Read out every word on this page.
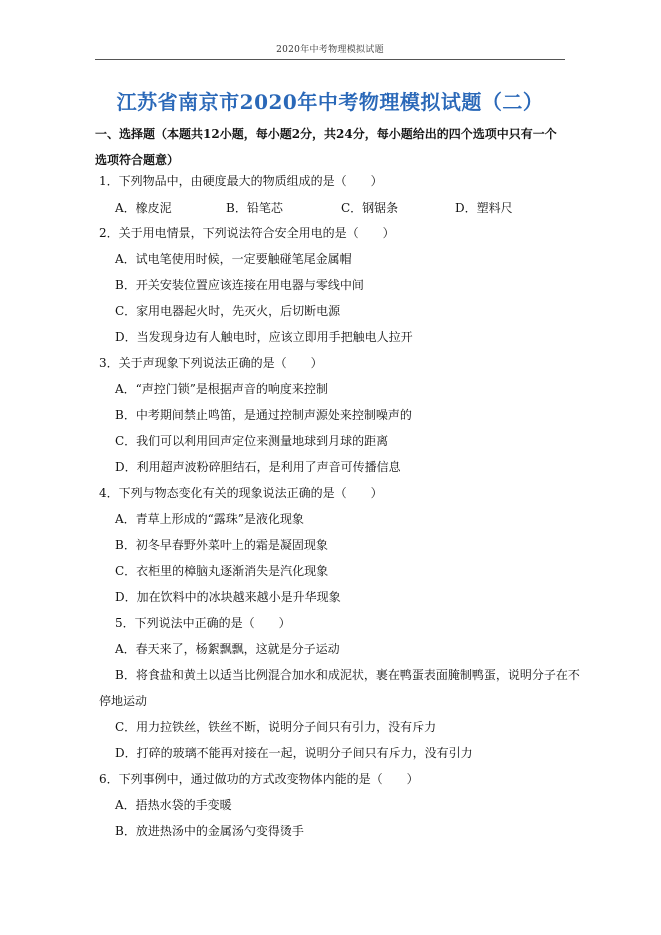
2020年中考物理模拟试题
江苏省南京市2020年中考物理模拟试题（二）
一、选择题（本题共12小题，每小题2分，共24分，每小题给出的四个选项中只有一个选项符合题意）
1．下列物品中，由硬度最大的物质组成的是（　　）
A．橡皮泥	B．铅笔芯	C．钢锯条	D．塑料尺
2．关于用电情景，下列说法符合安全用电的是（　　）
A．试电笔使用时候，一定要触碰笔尾金属帽
B．开关安装位置应该连接在用电器与零线中间
C．家用电器起火时，先灭火，后切断电源
D．当发现身边有人触电时，应该立即用手把触电人拉开
3．关于声现象下列说法正确的是（　　）
A．“声控门锁”是根据声音的响度来控制
B．中考期间禁止鸣笛，是通过控制声源处来控制噪声的
C．我们可以利用回声定位来测量地球到月球的距离
D．利用超声波粉碎胆结石，是利用了声音可传播信息
4．下列与物态变化有关的现象说法正确的是（　　）
A．青草上形成的“露珠”是液化现象
B．初冬早春野外菜叶上的霜是凝固现象
C．衣柜里的樟脑丸逐渐消失是汽化现象
D．加在饮料中的冰块越来越小是升华现象
5．下列说法中正确的是（　　）
A．春天来了，杨絮飘飘，这就是分子运动
B．将食盐和黄土以适当比例混合加水和成泥状，裹在鸭蛋表面腌制鸭蛋，说明分子在不
停地运动
C．用力拉铁丝，铁丝不断，说明分子间只有引力，没有斥力
D．打碎的玻璃不能再对接在一起，说明分子间只有斥力，没有引力
6．下列事例中，通过做功的方式改变物体内能的是（　　）
A．捂热水袋的手变暖
B．放进热汤中的金属汤勺变得烫手
